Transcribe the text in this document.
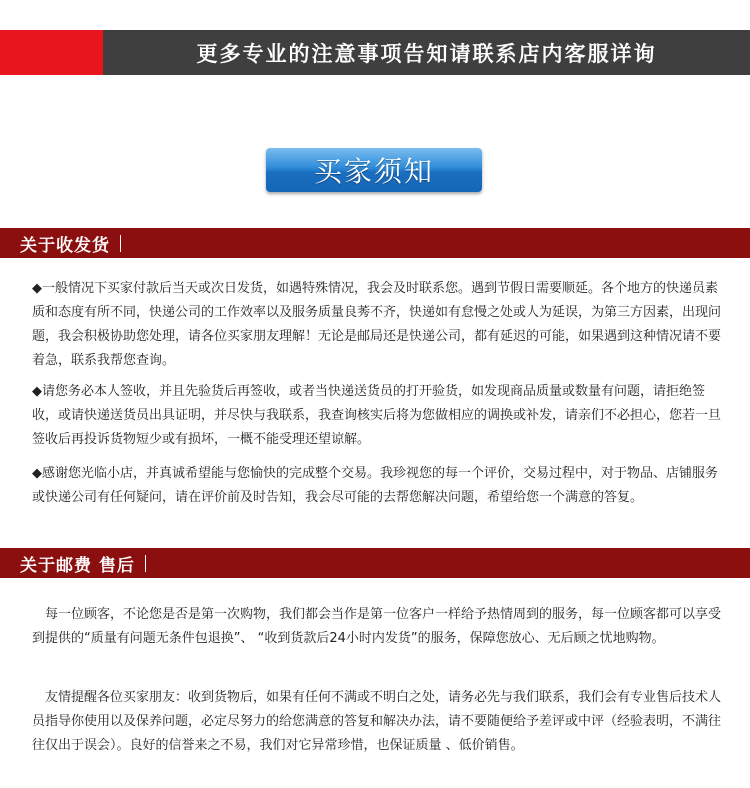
更多专业的注意事项告知请联系店内客服详询
买家须知
关于收发货

◆一般情况下买家付款后当天或次日发货，如遇特殊情况，我会及时联系您。遇到节假日需要顺延。各个地方的快递员素质和态度有所不同，快递公司的工作效率以及服务质量良莠不齐，快递如有怠慢之处或人为延误，为第三方因素，出现问题，我会积极协助您处理，请各位买家朋友理解！无论是邮局还是快递公司，都有延迟的可能，如果遇到这种情况请不要着急，联系我帮您查询。

◆请您务必本人签收，并且先验货后再签收，或者当快递送货员的打开验货，如发现商品质量或数量有问题，请拒绝签收，或请快递送货员出具证明，并尽快与我联系，我查询核实后将为您做相应的调换或补发，请亲们不必担心，您若一旦签收后再投诉货物短少或有损坏，一概不能受理还望谅解。

◆感谢您光临小店，并真诚希望能与您愉快的完成整个交易。我珍视您的每一个评价，交易过程中，对于物品、店铺服务或快递公司有任何疑问，请在评价前及时告知，我会尽可能的去帮您解决问题，希望给您一个满意的答复。

关于邮费 售后

　每一位顾客，不论您是否是第一次购物，我们都会当作是第一位客户一样给予热情周到的服务，每一位顾客都可以享受到提供的“质量有问题无条件包退换”、 “收到货款后24小时内发货”的服务，保障您放心、无后顾之忧地购物。

　友情提醒各位买家朋友：收到货物后，如果有任何不满或不明白之处，请务必先与我们联系，我们会有专业售后技术人员指导你使用以及保养问题，必定尽努力的给您满意的答复和解决办法，请不要随便给予差评或中评（经验表明，不满往往仅出于误会）。良好的信誉来之不易，我们对它异常珍惜，也保证质量 、低价销售。
